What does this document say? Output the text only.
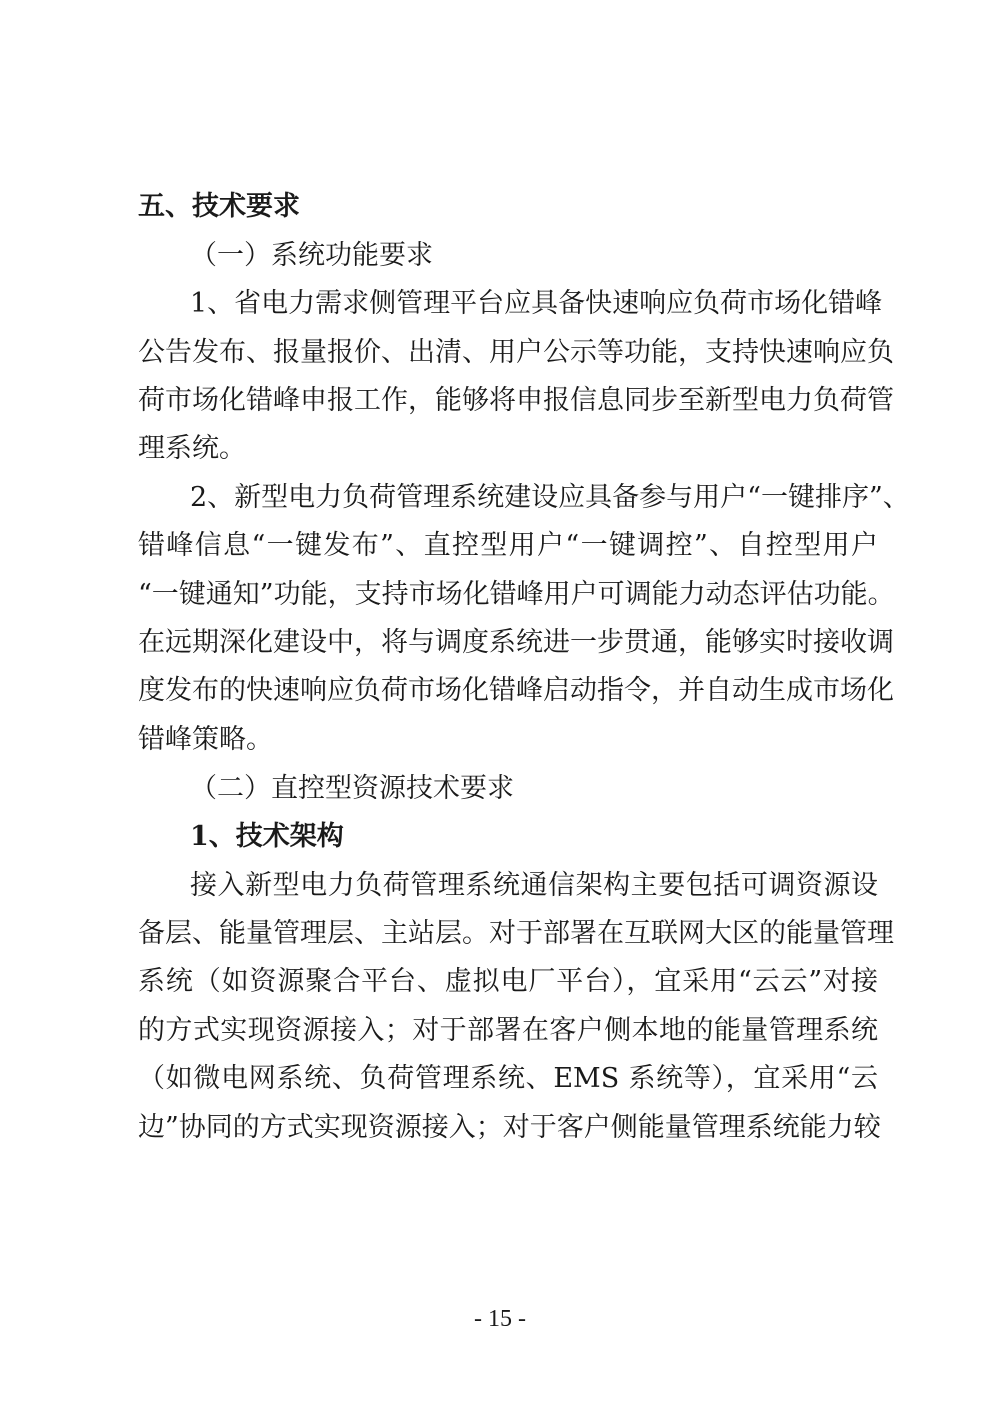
五、技术要求
（一）系统功能要求
1、省电力需求侧管理平台应具备快速响应负荷市场化错峰
公告发布、报量报价、出清、用户公示等功能，支持快速响应负
荷市场化错峰申报工作，能够将申报信息同步至新型电力负荷管
理系统。
2、新型电力负荷管理系统建设应具备参与用户“一键排序”、
错峰信息“一键发布”、直控型用户“一键调控”、自控型用户
“一键通知”功能，支持市场化错峰用户可调能力动态评估功能。
在远期深化建设中，将与调度系统进一步贯通，能够实时接收调
度发布的快速响应负荷市场化错峰启动指令，并自动生成市场化
错峰策略。
（二）直控型资源技术要求
1、技术架构
接入新型电力负荷管理系统通信架构主要包括可调资源设
备层、能量管理层、主站层。对于部署在互联网大区的能量管理
系统（如资源聚合平台、虚拟电厂平台），宜采用“云云”对接
的方式实现资源接入；对于部署在客户侧本地的能量管理系统
（如微电网系统、负荷管理系统、EMS 系统等），宜采用“云
边”协同的方式实现资源接入；对于客户侧能量管理系统能力较
- 15 -
